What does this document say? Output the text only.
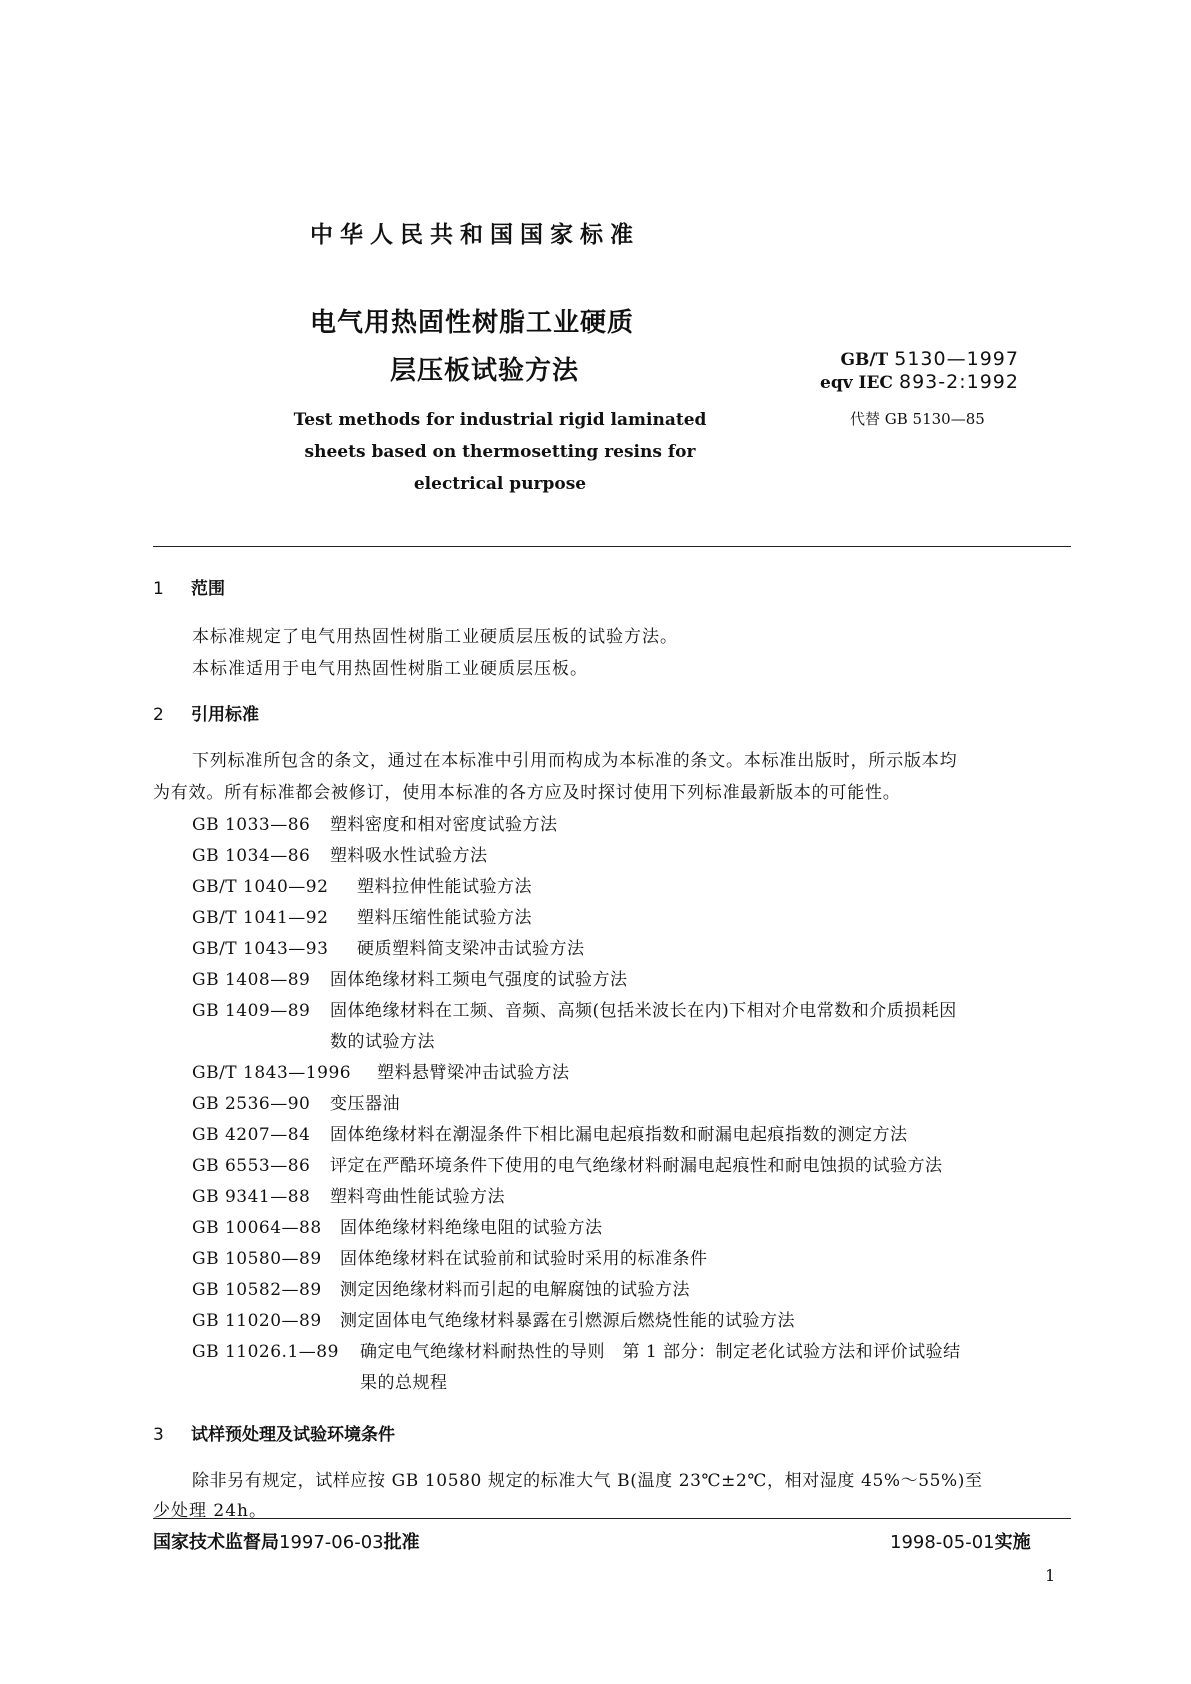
中华人民共和国国家标准
电气用热固性树脂工业硬质
层压板试验方法	GB/T 5130—1997
eqv IEC 893-2:1992
代替 GB 5130—85
Test methods for industrial rigid laminated
sheets based on thermosetting resins for
electrical purpose
1 范围
本标准规定了电气用热固性树脂工业硬质层压板的试验方法。
本标准适用于电气用热固性树脂工业硬质层压板。
2 引用标准
下列标准所包含的条文，通过在本标准中引用而构成为本标准的条文。本标准出版时，所示版本均
为有效。所有标准都会被修订，使用本标准的各方应及时探讨使用下列标准最新版本的可能性。
GB 1033—86 塑料密度和相对密度试验方法
GB 1034—86 塑料吸水性试验方法
GB/T 1040—92 塑料拉伸性能试验方法
GB/T 1041—92 塑料压缩性能试验方法
GB/T 1043—93 硬质塑料简支梁冲击试验方法
GB 1408—89 固体绝缘材料工频电气强度的试验方法
GB 1409—89 固体绝缘材料在工频、音频、高频(包括米波长在内)下相对介电常数和介质损耗因
数的试验方法
GB/T 1843—1996 塑料悬臂梁冲击试验方法
GB 2536—90 变压器油
GB 4207—84 固体绝缘材料在潮湿条件下相比漏电起痕指数和耐漏电起痕指数的测定方法
GB 6553—86 评定在严酷环境条件下使用的电气绝缘材料耐漏电起痕性和耐电蚀损的试验方法
GB 9341—88 塑料弯曲性能试验方法
GB 10064—88 固体绝缘材料绝缘电阻的试验方法
GB 10580—89 固体绝缘材料在试验前和试验时采用的标准条件
GB 10582—89 测定因绝缘材料而引起的电解腐蚀的试验方法
GB 11020—89 测定固体电气绝缘材料暴露在引燃源后燃烧性能的试验方法
GB 11026.1—89 确定电气绝缘材料耐热性的导则　第 1 部分：制定老化试验方法和评价试验结
果的总规程
3 试样预处理及试验环境条件
除非另有规定，试样应按 GB 10580 规定的标准大气 B(温度 23℃±2℃，相对湿度 45%～55%)至
少处理 24h。
国家技术监督局1997-06-03批准	1998-05-01实施
1
